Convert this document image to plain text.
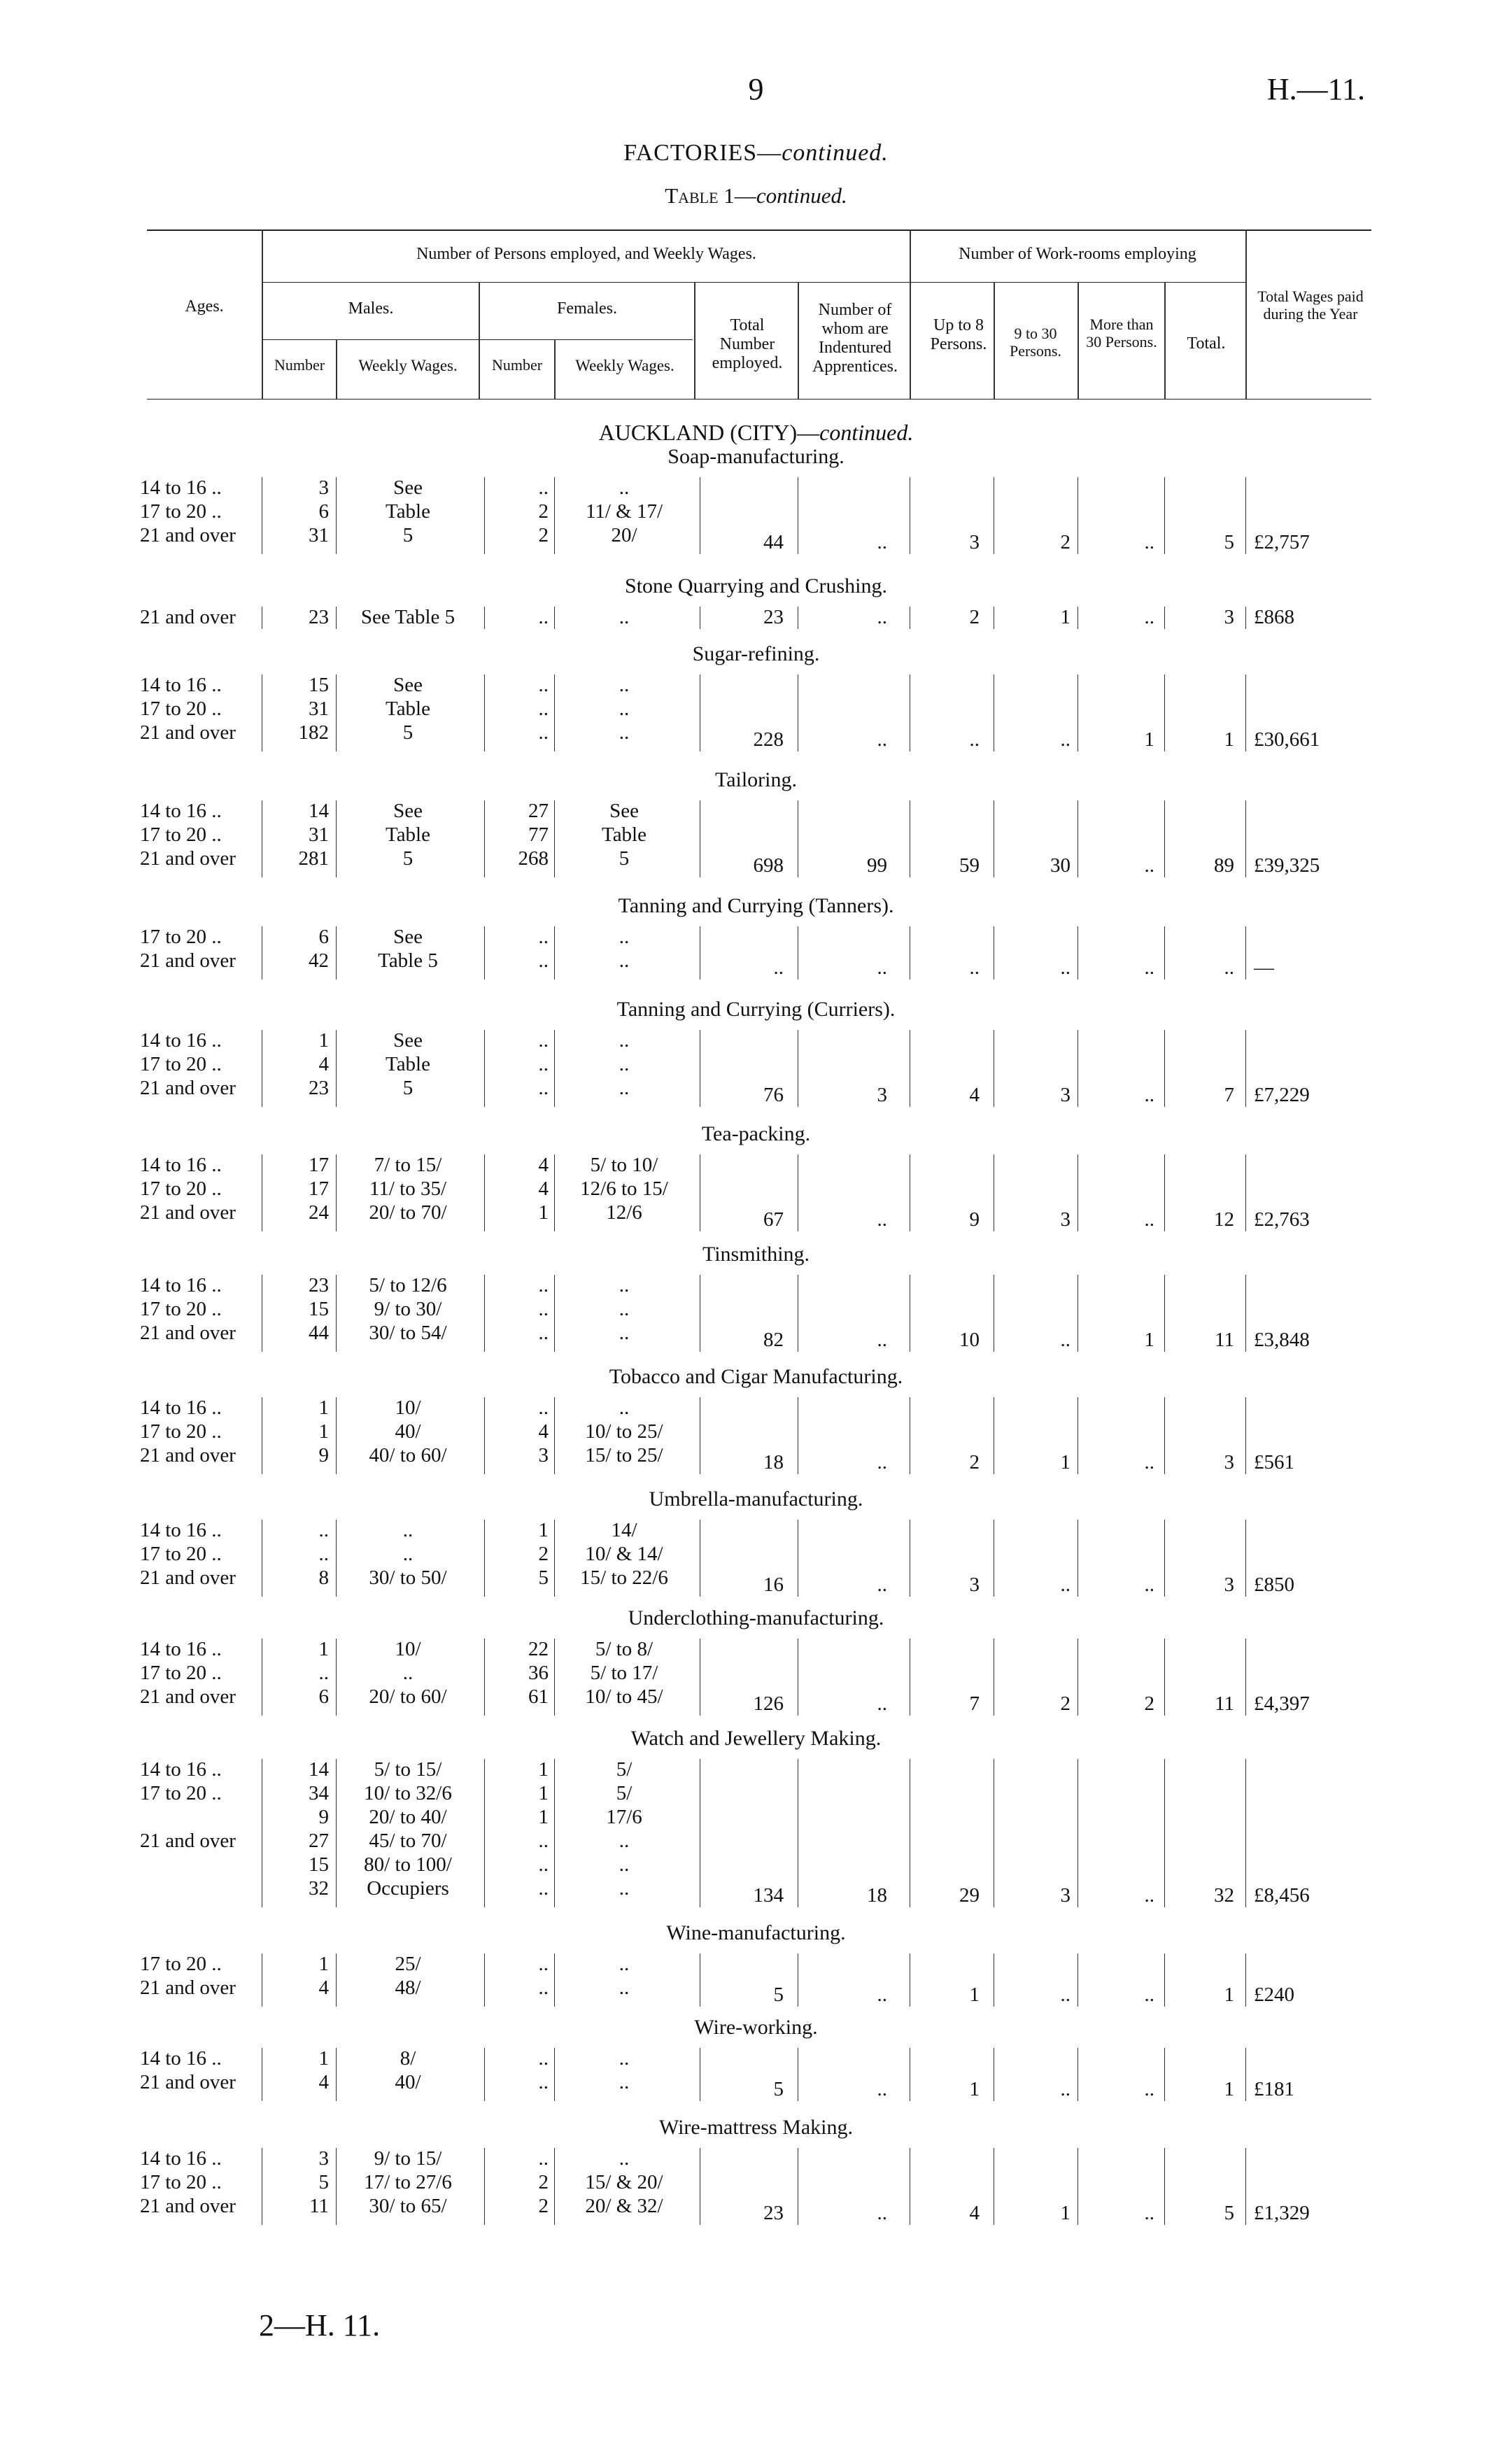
9	H.—11.
FACTORIES—continued.
Table 1—continued.
Ages.
Number of Persons employed, and Weekly Wages.
Males.	Females.
Number	Weekly Wages.	Number	Weekly Wages.
Total Number employed.
Number of whom are Indentured Apprentices.
Number of Work-rooms employing
Up to 8 Persons.
9 to 30 Persons.
More than 30 Persons.	Total.
Total Wages paid during the Year
AUCKLAND (CITY)—continued.
Soap-manufacturing.
14 to 16 ..	3	See	..	..
17 to 20 ..	6	Table	2	11/ & 17/
21 and over	31	5	2	20/	44	..	3	2	..	5 £2,757
Stone Quarrying and Crushing.
21 and over	23	See Table 5	..	..	23	..	2	1	..	3 £868
Sugar-refining.
14 to 16 ..	15	See	..	..
17 to 20 ..	31	Table	..	..
21 and over	182	5	..	..	228	..	..	..	1	1 £30,661
Tailoring.
14 to 16 ..	14	See	27	See
17 to 20 ..	31	Table	77	Table
21 and over	281	5	268	5	698	99	59	30	..	89 £39,325
Tanning and Currying (Tanners).
17 to 20 ..	6	See	..	..
21 and over	42	Table 5	..	..	..	..	..	..	..	.. —
Tanning and Currying (Curriers).
14 to 16 ..	1	See	..	..
17 to 20 ..	4	Table	..	..
21 and over	23	5	..	..	76	3	4	3	..	7 £7,229
Tea-packing.
14 to 16 ..	17	7/ to 15/	4	5/ to 10/
17 to 20 ..	17	11/ to 35/	4	12/6 to 15/
21 and over	24	20/ to 70/	1	12/6	67	..	9	3	..	12 £2,763
Tinsmithing.
14 to 16 ..	23	5/ to 12/6	..	..
17 to 20 ..	15	9/ to 30/	..	..
21 and over	44	30/ to 54/	..	..	82	..	10	..	1	11 £3,848
Tobacco and Cigar Manufacturing.
14 to 16 ..	1	10/	..	..
17 to 20 ..	1	40/	4	10/ to 25/
21 and over	9	40/ to 60/	3	15/ to 25/	18	..	2	1	..	3 £561
Umbrella-manufacturing.
14 to 16 ..	..	..	1	14/
17 to 20 ..	..	..	2	10/ & 14/
21 and over	8	30/ to 50/	5	15/ to 22/6	16	..	3	..	..	3 £850
Underclothing-manufacturing.
14 to 16 ..	1	10/	22	5/ to 8/
17 to 20 ..	..	..	36	5/ to 17/
21 and over	6	20/ to 60/	61	10/ to 45/	126	..	7	2	2	11 £4,397
Watch and Jewellery Making.
14 to 16 ..	14	5/ to 15/	1	5/
17 to 20 ..	34	10/ to 32/6	1	5/
9	20/ to 40/	1	17/6
21 and over	27	45/ to 70/	..	..
15	80/ to 100/	..	..
32	Occupiers	..	..	134	18	29	3	..	32 £8,456
Wine-manufacturing.
17 to 20 ..	1	25/	..	..
21 and over	4	48/	..	..	5	..	1	..	..	1 £240
Wire-working.
14 to 16 ..	1	8/	..	..
21 and over	4	40/	..	..	5	..	1	..	..	1 £181
Wire-mattress Making.
14 to 16 ..	3	9/ to 15/	..	..
17 to 20 ..	5	17/ to 27/6	2	15/ & 20/
21 and over	11	30/ to 65/	2	20/ & 32/	23	..	4	1	..	5 £1,329
2—H. 11.
